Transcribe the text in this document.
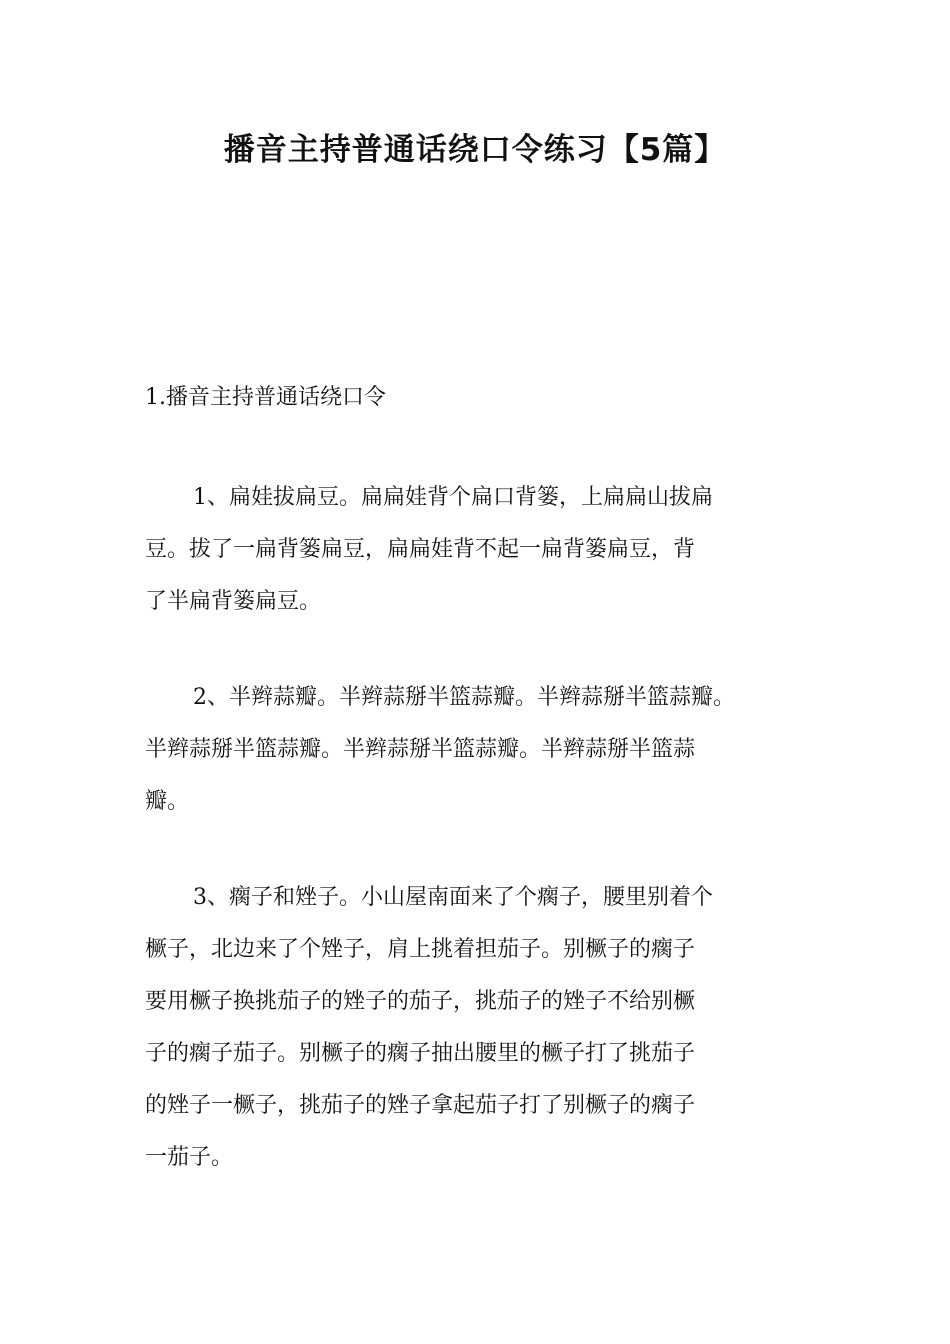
播音主持普通话绕口令练习【5篇】

1.播音主持普通话绕口令

1、扁娃拔扁豆。扁扁娃背个扁口背篓，上扁扁山拔扁
豆。拔了一扁背篓扁豆，扁扁娃背不起一扁背篓扁豆，背
了半扁背篓扁豆。
2、半辫蒜瓣。半辫蒜掰半篮蒜瓣。半辫蒜掰半篮蒜瓣。
半辫蒜掰半篮蒜瓣。半辫蒜掰半篮蒜瓣。半辫蒜掰半篮蒜
瓣。
3、瘸子和矬子。小山屋南面来了个瘸子，腰里别着个
橛子，北边来了个矬子，肩上挑着担茄子。别橛子的瘸子
要用橛子换挑茄子的矬子的茄子，挑茄子的矬子不给别橛
子的瘸子茄子。别橛子的瘸子抽出腰里的橛子打了挑茄子
的矬子一橛子，挑茄子的矬子拿起茄子打了别橛子的瘸子
一茄子。
